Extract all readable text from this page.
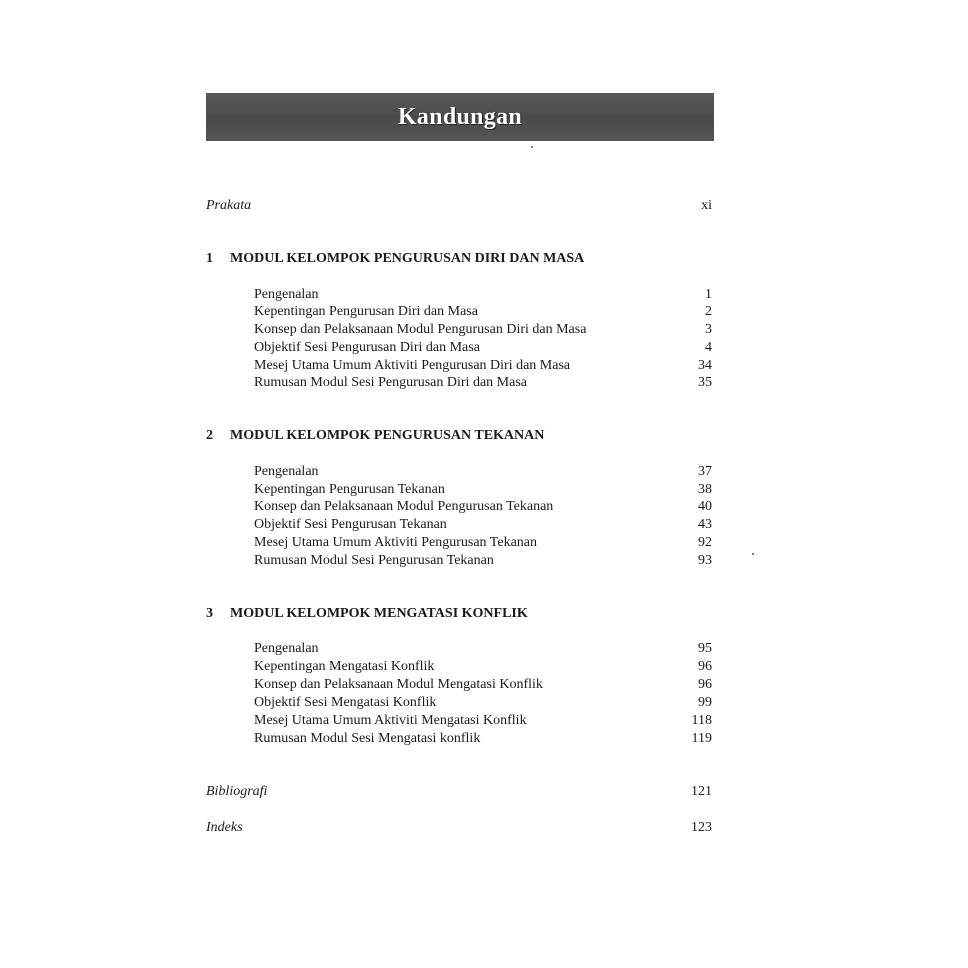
Kandungan
Prakata	xi
1 MODUL KELOMPOK PENGURUSAN DIRI DAN MASA
Pengenalan	1
Kepentingan Pengurusan Diri dan Masa	2
Konsep dan Pelaksanaan Modul Pengurusan Diri dan Masa	3
Objektif Sesi Pengurusan Diri dan Masa	4
Mesej Utama Umum Aktiviti Pengurusan Diri dan Masa	34
Rumusan Modul Sesi Pengurusan Diri dan Masa	35
2 MODUL KELOMPOK PENGURUSAN TEKANAN
Pengenalan	37
Kepentingan Pengurusan Tekanan	38
Konsep dan Pelaksanaan Modul Pengurusan Tekanan	40
Objektif Sesi Pengurusan Tekanan	43
Mesej Utama Umum Aktiviti Pengurusan Tekanan	92
Rumusan Modul Sesi Pengurusan Tekanan	93
3 MODUL KELOMPOK MENGATASI KONFLIK
Pengenalan	95
Kepentingan Mengatasi Konflik	96
Konsep dan Pelaksanaan Modul Mengatasi Konflik	96
Objektif Sesi Mengatasi Konflik	99
Mesej Utama Umum Aktiviti Mengatasi Konflik	118
Rumusan Modul Sesi Mengatasi konflik	119
Bibliografi	121
Indeks	123
